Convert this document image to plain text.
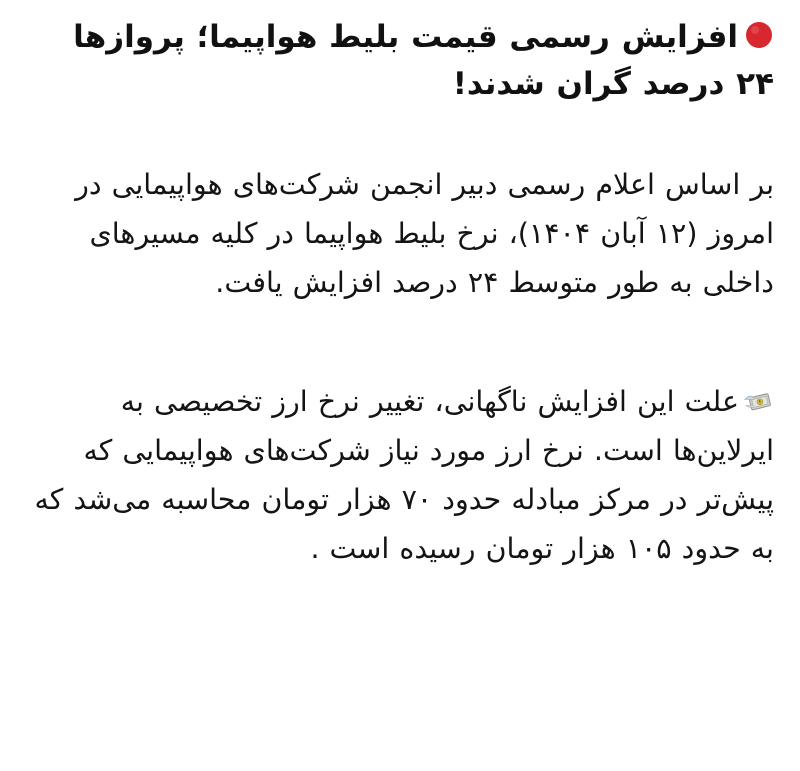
افزایش رسمی قیمت بلیط هواپیما؛ پروازها ۲۴ درصد گران شدند!

بر اساس اعلام رسمی دبیر انجمن شرکت‌های هواپیمایی در امروز (۱۲ آبان ۱۴۰۴)، نرخ بلیط هواپیما در کلیه مسیرهای داخلی به طور متوسط ۲۴ درصد افزایش یافت.

علت این افزایش ناگهانی، تغییر نرخ ارز تخصیصی به ایرلاین‌ها است. نرخ ارز مورد نیاز شرکت‌های هواپیمایی که پیش‌تر در مرکز مبادله حدود ۷۰ هزار تومان محاسبه می‌شد که به حدود ۱۰۵ هزار تومان رسیده است .
